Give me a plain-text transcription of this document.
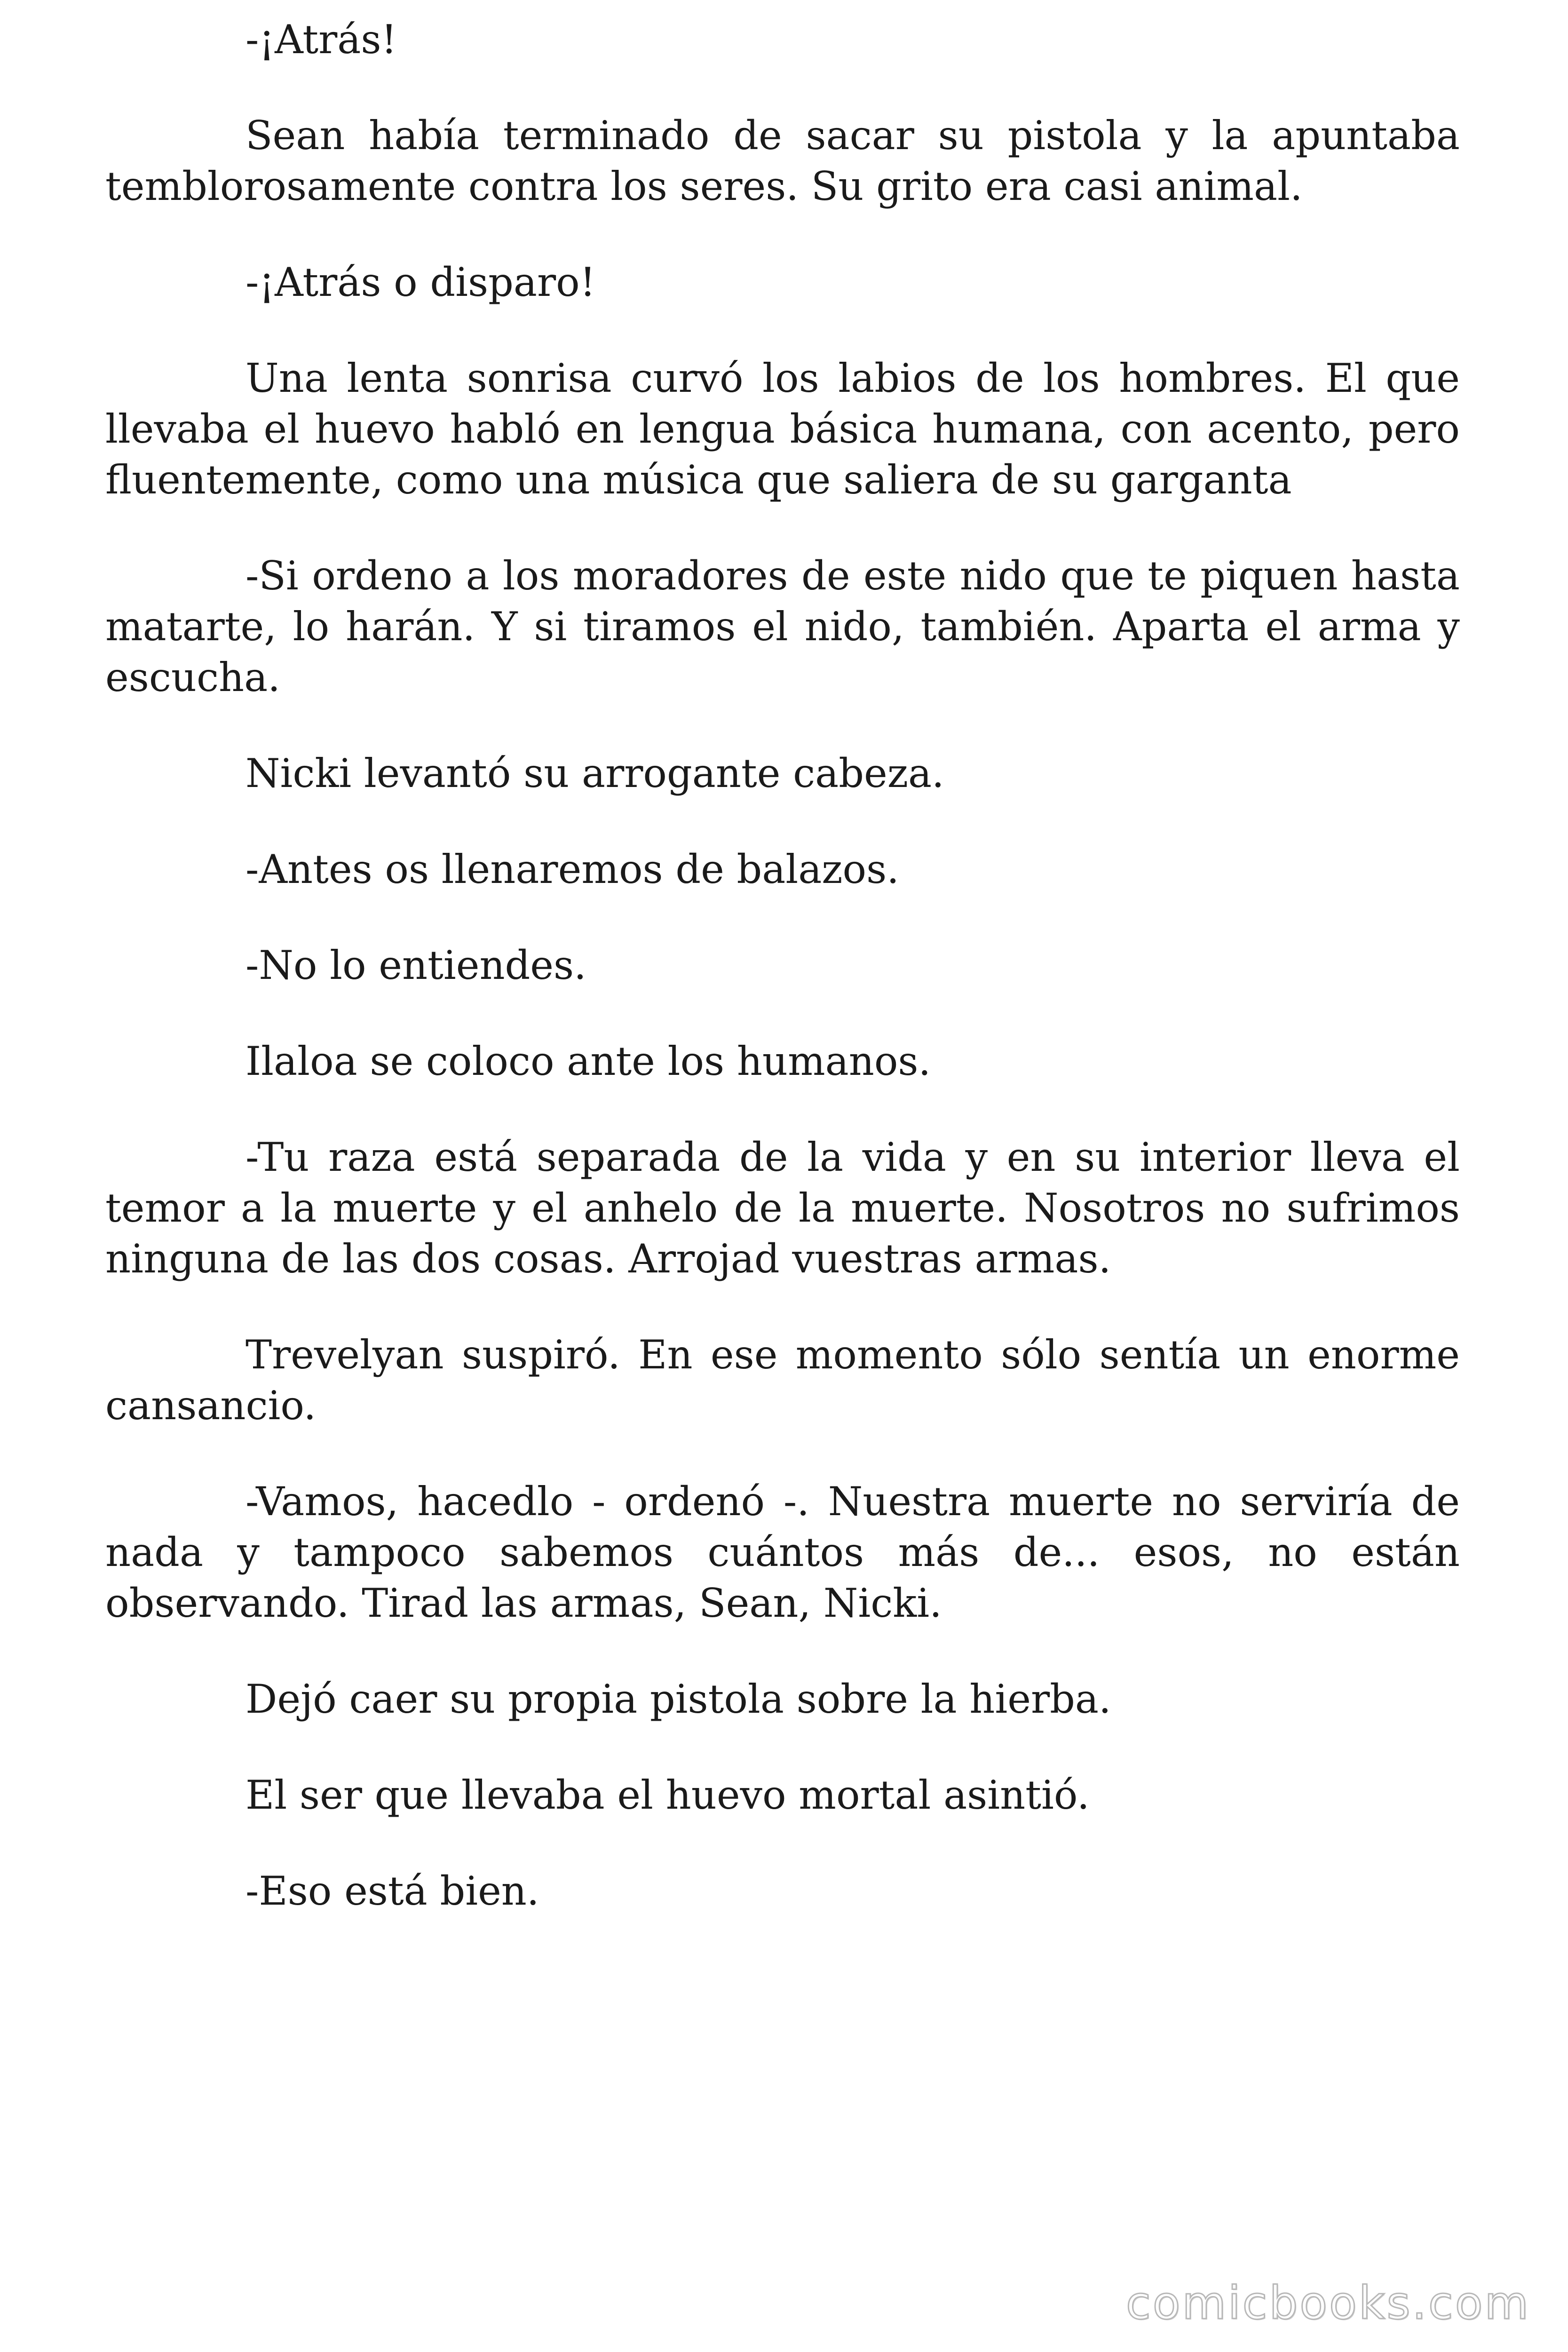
-¡Atrás!

Sean había terminado de sacar su pistola y la apuntaba temblorosamente contra los seres. Su grito era casi animal.

-¡Atrás o disparo!

Una lenta sonrisa curvó los labios de los hombres. El que llevaba el huevo habló en lengua básica humana, con acento, pero fluentemente, como una música que saliera de su garganta

-Si ordeno a los moradores de este nido que te piquen hasta matarte, lo harán. Y si tiramos el nido, también. Aparta el arma y escucha.

Nicki levantó su arrogante cabeza.

-Antes os llenaremos de balazos.

-No lo entiendes.

Ilaloa se coloco ante los humanos.

-Tu raza está separada de la vida y en su interior lleva el temor a la muerte y el anhelo de la muerte. Nosotros no sufrimos ninguna de las dos cosas. Arrojad vuestras armas.

Trevelyan suspiró. En ese momento sólo sentía un enorme cansancio.

-Vamos, hacedlo - ordenó -. Nuestra muerte no serviría de nada y tampoco sabemos cuántos más de... esos, no están observando. Tirad las armas, Sean, Nicki.

Dejó caer su propia pistola sobre la hierba.

El ser que llevaba el huevo mortal asintió.

-Eso está bien.

comicbooks.com
